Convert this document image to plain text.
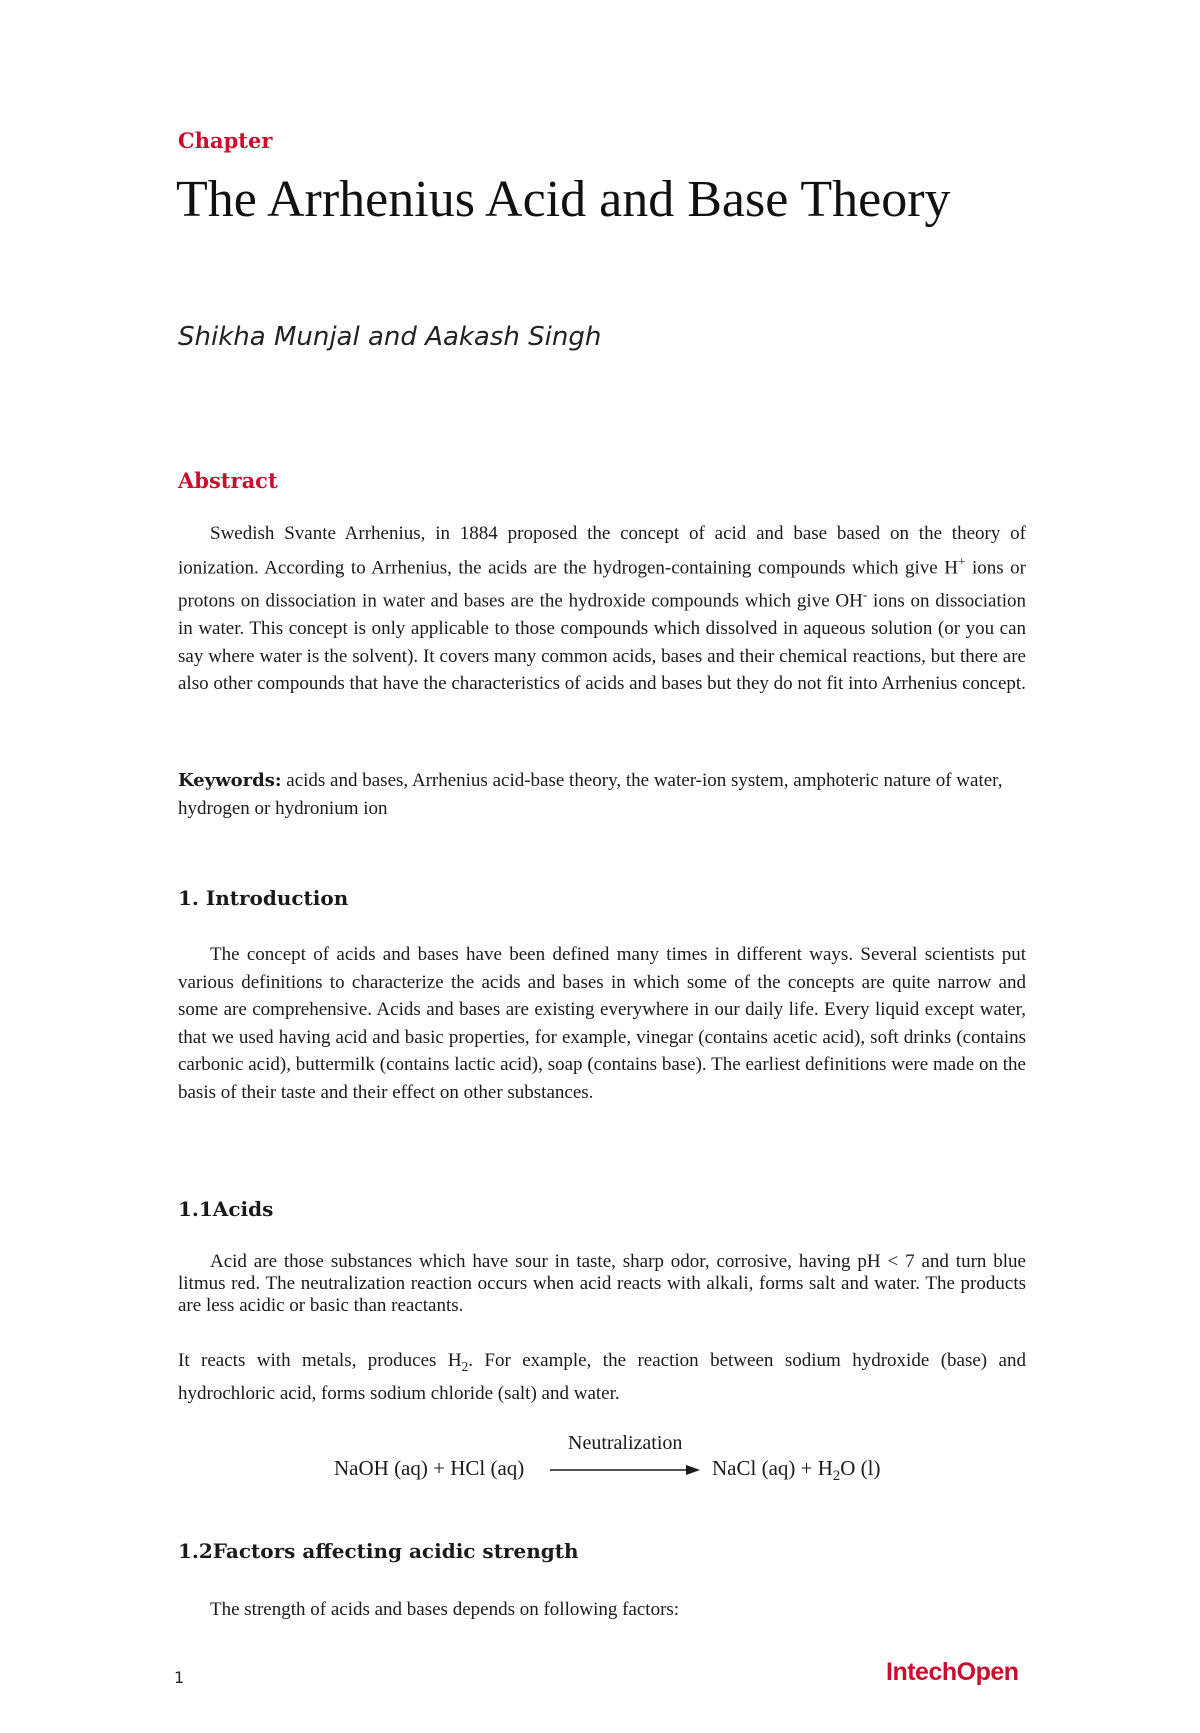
Chapter
The Arrhenius Acid and Base Theory
Shikha Munjal and Aakash Singh
Abstract

Swedish Svante Arrhenius, in 1884 proposed the concept of acid and base based on the theory of ionization. According to Arrhenius, the acids are the hydrogen-containing compounds which give H+ ions or protons on dissociation in water and bases are the hydroxide compounds which give OH- ions on dissociation in water. This concept is only applicable to those compounds which dissolved in aqueous solution (or you can say where water is the solvent). It covers many common acids, bases and their chemical reactions, but there are also other compounds that have the characteristics of acids and bases but they do not fit into Arrhenius concept.

Keywords: acids and bases, Arrhenius acid-base theory, the water-ion system, amphoteric nature of water, hydrogen or hydronium ion

1. Introduction

The concept of acids and bases have been defined many times in different ways. Several scientists put various definitions to characterize the acids and bases in which some of the concepts are quite narrow and some are comprehensive. Acids and bases are existing everywhere in our daily life. Every liquid except water, that we used having acid and basic properties, for example, vinegar (contains acetic acid), soft drinks (contains carbonic acid), buttermilk (contains lactic acid), soap (contains base). The earliest definitions were made on the basis of their taste and their effect on other substances.

1.1Acids

Acid are those substances which have sour in taste, sharp odor, corrosive, having pH < 7 and turn blue litmus red. The neutralization reaction occurs when acid reacts with alkali, forms salt and water. The products are less acidic or basic than reactants.

It reacts with metals, produces $H_2$. For example, the reaction between sodium hydroxide (base) and hydrochloric acid, forms sodium chloride (salt) and water.

NaOH (aq) + HCl (aq)
Neutralization
NaCl $(aq) + H_2O$ (l)
1.2Factors affecting acidic strength

The strength of acids and bases depends on following factors:

1	IntechOpen
